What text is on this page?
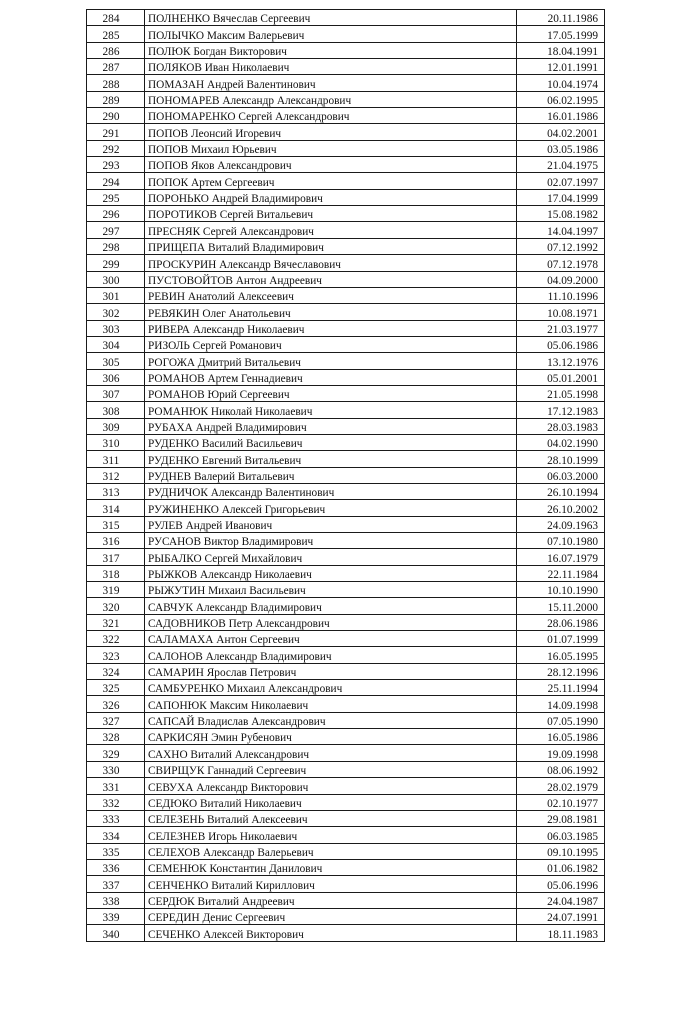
284	ПОЛНЕНКО Вячеслав Сергеевич	20.11.1986
285	ПОЛЫЧКО Максим Валерьевич	17.05.1999
286	ПОЛЮК Богдан Викторович	18.04.1991
287	ПОЛЯКОВ Иван Николаевич	12.01.1991
288	ПОМАЗАН Андрей Валентинович	10.04.1974
289	ПОНОМАРЕВ Александр Александрович	06.02.1995
290	ПОНОМАРЕНКО Сергей Александрович	16.01.1986
291	ПОПОВ Леонсий Игоревич	04.02.2001
292	ПОПОВ Михаил Юрьевич	03.05.1986
293	ПОПОВ Яков Александрович	21.04.1975
294	ПОПОК Артем Сергеевич	02.07.1997
295	ПОРОНЬКО Андрей Владимирович	17.04.1999
296	ПОРОТИКОВ Сергей Витальевич	15.08.1982
297	ПРЕСНЯК Сергей Александрович	14.04.1997
298	ПРИЩЕПА Виталий Владимирович	07.12.1992
299	ПРОСКУРИН Александр Вячеславович	07.12.1978
300	ПУСТОВОЙТОВ Антон Андреевич	04.09.2000
301	РЕВИН Анатолий Алексеевич	11.10.1996
302	РЕВЯКИН Олег Анатольевич	10.08.1971
303	РИВЕРА Александр Николаевич	21.03.1977
304	РИЗОЛЬ Сергей Романович	05.06.1986
305	РОГОЖА Дмитрий Витальевич	13.12.1976
306	РОМАНОВ Артем Геннадиевич	05.01.2001
307	РОМАНОВ Юрий Сергеевич	21.05.1998
308	РОМАНЮК Николай Николаевич	17.12.1983
309	РУБАХА Андрей Владимирович	28.03.1983
310	РУДЕНКО Василий Васильевич	04.02.1990
311	РУДЕНКО Евгений Витальевич	28.10.1999
312	РУДНЕВ Валерий Витальевич	06.03.2000
313	РУДНИЧОК Александр Валентинович	26.10.1994
314	РУЖИНЕНКО Алексей Григорьевич	26.10.2002
315	РУЛЕВ Андрей Иванович	24.09.1963
316	РУСАНОВ Виктор Владимирович	07.10.1980
317	РЫБАЛКО Сергей Михайлович	16.07.1979
318	РЫЖКОВ Александр Николаевич	22.11.1984
319	РЫЖУТИН Михаил Васильевич	10.10.1990
320	САВЧУК Александр Владимирович	15.11.2000
321	САДОВНИКОВ Петр Александрович	28.06.1986
322	САЛАМАХА Антон Сергеевич	01.07.1999
323	САЛОНОВ Александр Владимирович	16.05.1995
324	САМАРИН Ярослав Петрович	28.12.1996
325	САМБУРЕНКО Михаил Александрович	25.11.1994
326	САПОНЮК Максим Николаевич	14.09.1998
327	САПСАЙ Владислав Александрович	07.05.1990
328	САРКИСЯН Эмин Рубенович	16.05.1986
329	САХНО Виталий Александрович	19.09.1998
330	СВИРЩУК Ганнадий Сергеевич	08.06.1992
331	СЕВУХА Александр Викторович	28.02.1979
332	СЕДЮКО Виталий Николаевич	02.10.1977
333	СЕЛЕЗЕНЬ Виталий Алексеевич	29.08.1981
334	СЕЛЕЗНЕВ Игорь Николаевич	06.03.1985
335	СЕЛЕХОВ Александр Валерьевич	09.10.1995
336	СЕМЕНЮК Константин Данилович	01.06.1982
337	СЕНЧЕНКО Виталий Кириллович	05.06.1996
338	СЕРДЮК Виталий Андреевич	24.04.1987
339	СЕРЕДИН Денис Сергеевич	24.07.1991
340	СЕЧЕНКО Алексей Викторович	18.11.1983
